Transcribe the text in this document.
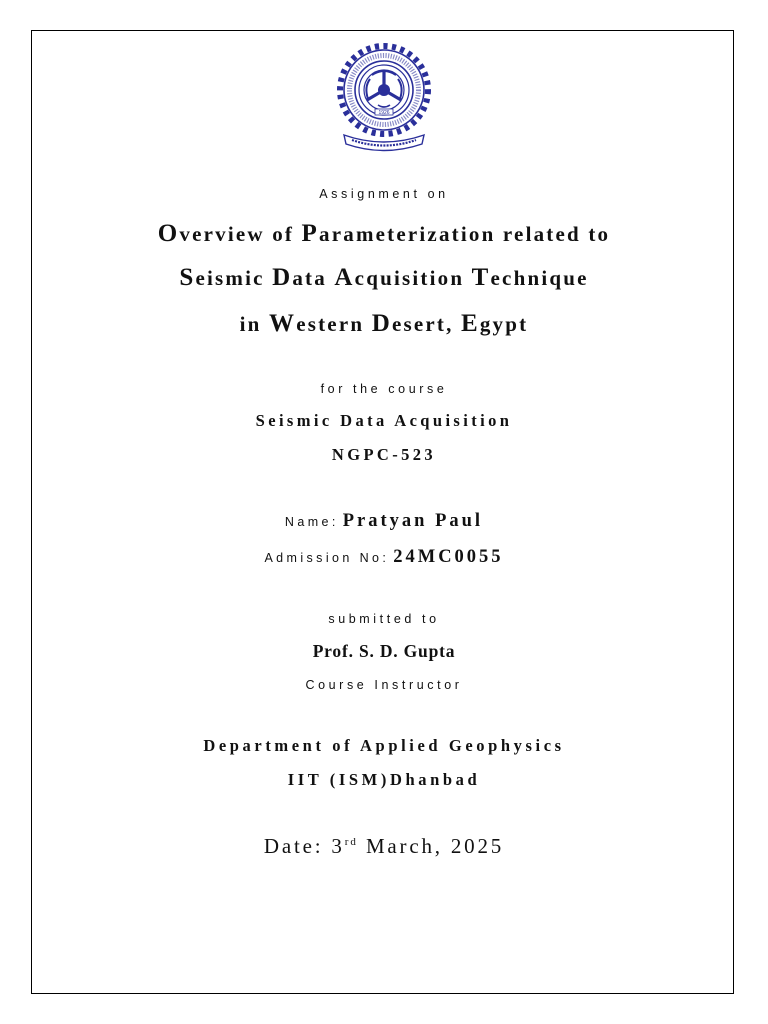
1926
Assignment on
Overview of Parameterization related to
Seismic Data Acquisition Technique
in Western Desert, Egypt
for the course
Seismic Data Acquisition
NGPC-523
Name: Pratyan Paul
Admission No: 24MC0055
submitted to
Prof. S. D. Gupta
Course Instructor
Department of Applied Geophysics
IIT (ISM)Dhanbad
Date: 3rd March, 2025
